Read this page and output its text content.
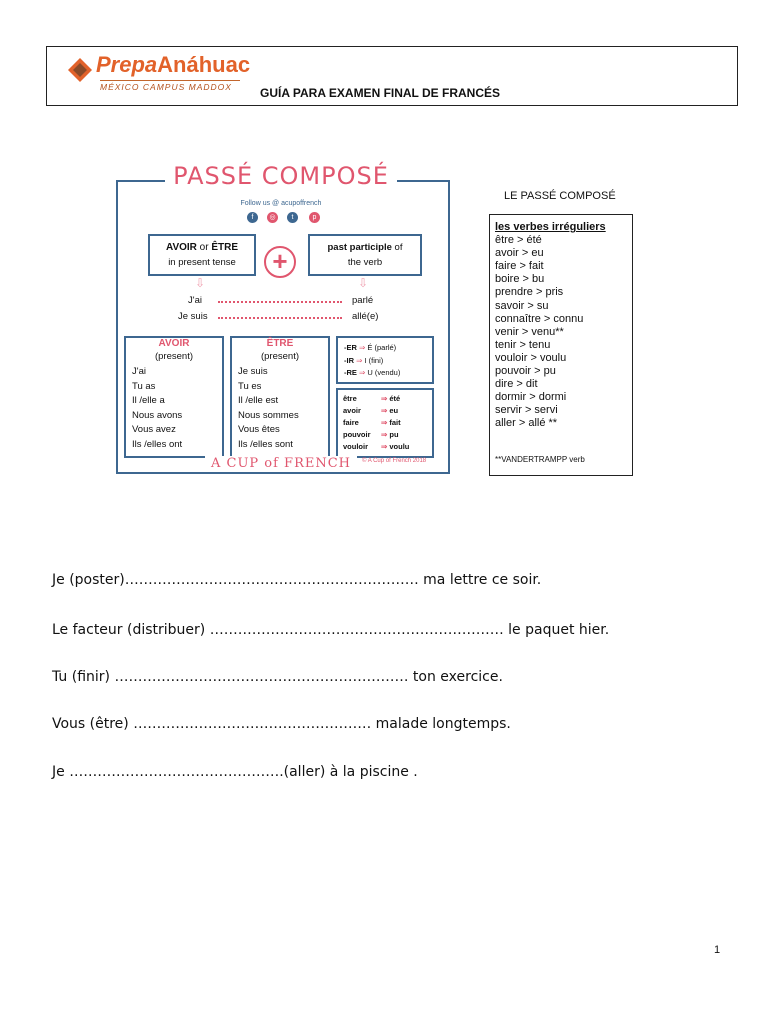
PrepaAnáhuac
MÉXICO CAMPUS MADDOX GUÍA PARA EXAMEN FINAL DE FRANCÉS
PASSÉ COMPOSÉ
Follow us @ acupoffrench
f	◎	t	p
AVOIR or ÊTRE
in present tense	+	past participle of
the verb
⇩	⇩
J'ai	parlé
Je suis	allé(e)
AVOIR
(present)
J'ai
Tu as
Il /elle a
Nous avons
Vous avez
Ils /elles ont
ÊTRE
(present)
Je suis
Tu es
Il /elle est
Nous sommes
Vous êtes
Ils /elles sont
-ER ⇒ É (parlé)
-IR ⇒ I (fini)
-RE ⇒ U (vendu)
être	⇒ été
avoir	⇒ eu
faire	⇒ fait
pouvoir ⇒ pu
vouloir ⇒ voulu
A CUP of FRENCH	© A Cup of French 2018
LE PASSÉ COMPOSÉ
les verbes irréguliers
être > été
avoir > eu
faire > fait
boire > bu
prendre > pris
savoir > su
connaître > connu
venir > venu**
tenir > tenu
vouloir > voulu
pouvoir > pu
dire > dit
dormir > dormi
servir > servi
aller > allé **
**VANDERTRAMPP verb
Je (poster)……………………………………………………… ma lettre ce soir.
Le facteur (distribuer) ……………………………………………………… le paquet hier.
Tu (finir) ……………………………………………………… ton exercice.
Vous (être) …………………………………………… malade longtemps.
Je ……………………………………….(aller) à la piscine .
1
